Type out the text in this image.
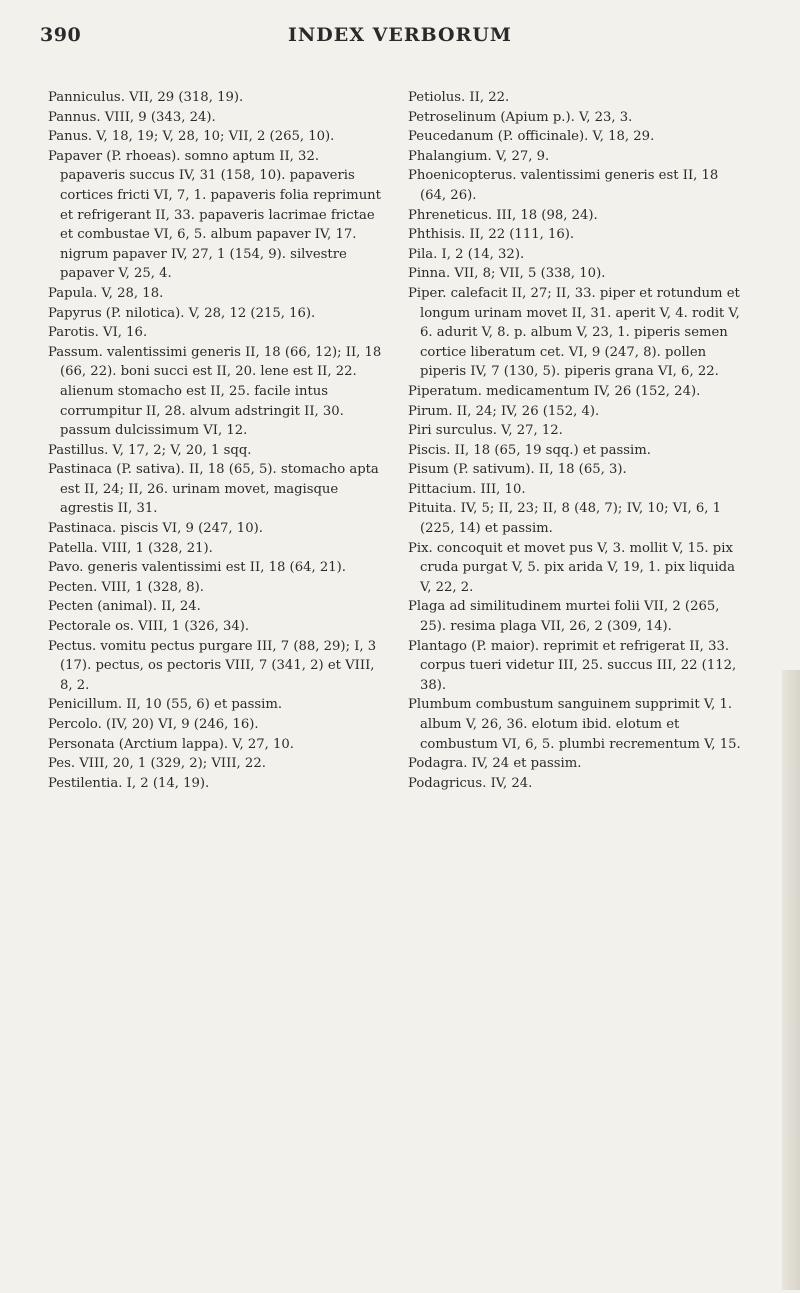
390	INDEX VERBORUM

Panniculus. VII, 29 (318, 19).

Pannus. VIII, 9 (343, 24).

Panus. V, 18, 19; V, 28, 10; VII, 2 (265, 10).

Papaver (P. rhoeas). somno aptum II, 32. papaveris succus IV, 31 (158, 10). papaveris cortices fricti VI, 7, 1. papaveris folia reprimunt et refrigerant II, 33. papaveris lacrimae frictae et combustae VI, 6, 5. album papaver IV, 17. nigrum papaver IV, 27, 1 (154, 9). silvestre papaver V, 25, 4.

Papula. V, 28, 18.

Papyrus (P. nilotica). V, 28, 12 (215, 16).

Parotis. VI, 16.

Passum. valentissimi generis II, 18 (66, 12); II, 18 (66, 22). boni succi est II, 20. lene est II, 22. alienum stomacho est II, 25. facile intus corrumpitur II, 28. alvum adstringit II, 30. passum dulcissimum VI, 12.

Pastillus. V, 17, 2; V, 20, 1 sqq.

Pastinaca (P. sativa). II, 18 (65, 5). stomacho apta est II, 24; II, 26. urinam movet, magisque agrestis II, 31.

Pastinaca. piscis VI, 9 (247, 10).

Patella. VIII, 1 (328, 21).

Pavo. generis valentissimi est II, 18 (64, 21).

Pecten. VIII, 1 (328, 8).

Pecten (animal). II, 24.

Pectorale os. VIII, 1 (326, 34).

Pectus. vomitu pectus purgare III, 7 (88, 29); I, 3 (17). pectus, os pectoris VIII, 7 (341, 2) et VIII, 8, 2.

Penicillum. II, 10 (55, 6) et passim.

Percolo. (IV, 20) VI, 9 (246, 16).

Personata (Arctium lappa). V, 27, 10.

Pes. VIII, 20, 1 (329, 2); VIII, 22.

Pestilentia. I, 2 (14, 19).

Petiolus. II, 22.

Petroselinum (Apium p.). V, 23, 3.

Peucedanum (P. officinale). V, 18, 29.

Phalangium. V, 27, 9.

Phoenicopterus. valentissimi generis est II, 18 (64, 26).

Phreneticus. III, 18 (98, 24).

Phthisis. II, 22 (111, 16).

Pila. I, 2 (14, 32).

Pinna. VII, 8; VII, 5 (338, 10).

Piper. calefacit II, 27; II, 33. piper et rotundum et longum urinam movet II, 31. aperit V, 4. rodit V, 6. adurit V, 8. p. album V, 23, 1. piperis semen cortice liberatum cet. VI, 9 (247, 8). pollen piperis IV, 7 (130, 5). piperis grana VI, 6, 22.

Piperatum. medicamentum IV, 26 (152, 24).

Pirum. II, 24; IV, 26 (152, 4).

Piri surculus. V, 27, 12.

Piscis. II, 18 (65, 19 sqq.) et passim.

Pisum (P. sativum). II, 18 (65, 3).

Pittacium. III, 10.

Pituita. IV, 5; II, 23; II, 8 (48, 7); IV, 10; VI, 6, 1 (225, 14) et passim.

Pix. concoquit et movet pus V, 3. mollit V, 15. pix cruda purgat V, 5. pix arida V, 19, 1. pix liquida V, 22, 2.

Plaga ad similitudinem murtei folii VII, 2 (265, 25). resima plaga VII, 26, 2 (309, 14).

Plantago (P. maior). reprimit et refrigerat II, 33. corpus tueri videtur III, 25. succus III, 22 (112, 38).

Plumbum combustum sanguinem supprimit V, 1. album V, 26, 36. elotum ibid. elotum et combustum VI, 6, 5. plumbi recrementum V, 15.

Podagra. IV, 24 et passim.

Podagricus. IV, 24.
